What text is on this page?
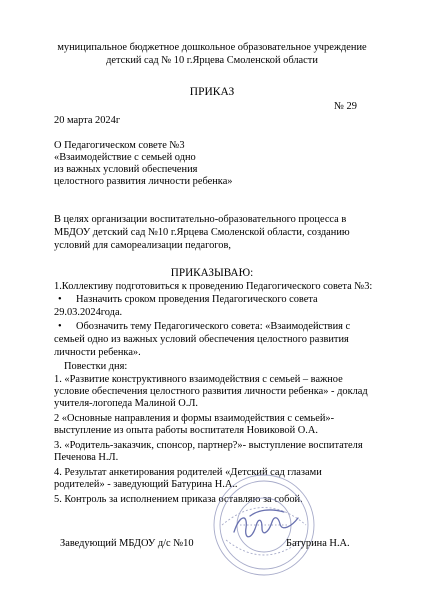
муниципальное бюджетное дошкольное образовательное учреждение
детский сад № 10 г.Ярцева Смоленской области
ПРИКАЗ
№ 29
20 марта 2024г
О Педагогическом совете №3
«Взаимодействие с семьей одно
из важных условий обеспечения
целостного развития личности ребенка»
В целях организации воспитательно-образовательного процесса в
МБДОУ детский сад №10 г.Ярцева Смоленской области, созданию
условий для самореализации педагогов,
ПРИКАЗЫВАЮ:
1.Коллективу подготовиться к проведению Педагогического совета №3:
• Назначить сроком проведения Педагогического совета
29.03.2024года.
• Обозначить тему Педагогического совета: «Взаимодействия с
семьей одно из важных условий обеспечения целостного развития
личности ребенка».
Повестки дня:
1. «Развитие конструктивного взаимодействия с семьей – важное
условие обеспечения целостного развития личности ребенка» - доклад
учителя-логопеда Малиной О.Л.
2 «Основные направления и формы взаимодействия с семьей»-
выступление из опыта работы воспитателя Новиковой О.А.
3. «Родитель-заказчик, спонсор, партнер?»- выступление воспитателя
Печенова Н.Л.
4. Результат анкетирования родителей «Детский сад глазами
родителей» - заведующий Батурина Н.А..
5. Контроль за исполнением приказа оставляю за собой.
Заведующий МБДОУ д/с №10	Батурина Н.А.
